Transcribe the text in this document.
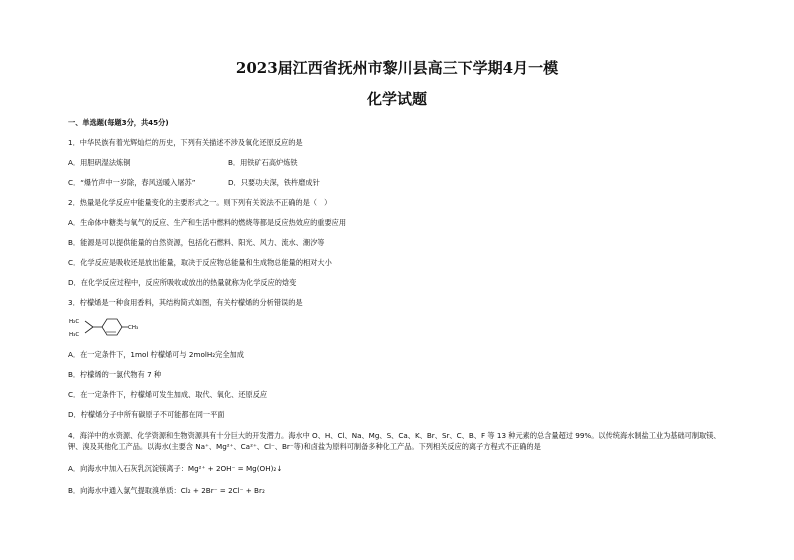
2023届江西省抚州市黎川县高三下学期4月一模
化学试题
一、单选题(每题3分，共45分)
1．中华民族有着光辉灿烂的历史，下列有关描述不涉及氧化还原反应的是
A．用胆矾湿法炼铜	B．用铁矿石高炉炼铁
C．“爆竹声中一岁除，春风送暖入屠苏”	D．只要功夫深，铁杵磨成针
2．热量是化学反应中能量变化的主要形式之一。则下列有关说法不正确的是（　）
A．生命体中糖类与氧气的反应、生产和生活中燃料的燃烧等都是反应热效应的重要应用
B．能源是可以提供能量的自然资源，包括化石燃料、阳光、风力、流水、潮汐等
C．化学反应是吸收还是放出能量，取决于反应物总能量和生成物总能量的相对大小
D．在化学反应过程中，反应所吸收或放出的热量就称为化学反应的焓变
3．柠檬烯是一种食用香料，其结构简式如图，有关柠檬烯的分析错误的是
H₂C
H₃C
CH₃
A．在一定条件下，1mol 柠檬烯可与 2molH₂完全加成
B．柠檬烯的一氯代物有 7 种
C．在一定条件下，柠檬烯可发生加成、取代、氧化、还原反应
D．柠檬烯分子中所有碳原子不可能都在同一平面
4．海洋中的水资源、化学资源和生物资源具有十分巨大的开发潜力。海水中 O、H、Cl、Na、Mg、S、Ca、K、Br、Sr、C、B、F 等 13 种元素的总含量超过 99%。以传统海水制盐工业为基础可制取镁、钾、溴及其他化工产品。以海水(主要含 Na⁺、Mg²⁺、Ca²⁺、Cl⁻、Br⁻等)和卤盐为原料可制备多种化工产品。下列相关反应的离子方程式不正确的是
A．向海水中加入石灰乳沉淀镁离子：Mg²⁺ + 2OH⁻ = Mg(OH)₂↓
B．向海水中通入氯气提取溴单质：Cl₂ + 2Br⁻ = 2Cl⁻ + Br₂
